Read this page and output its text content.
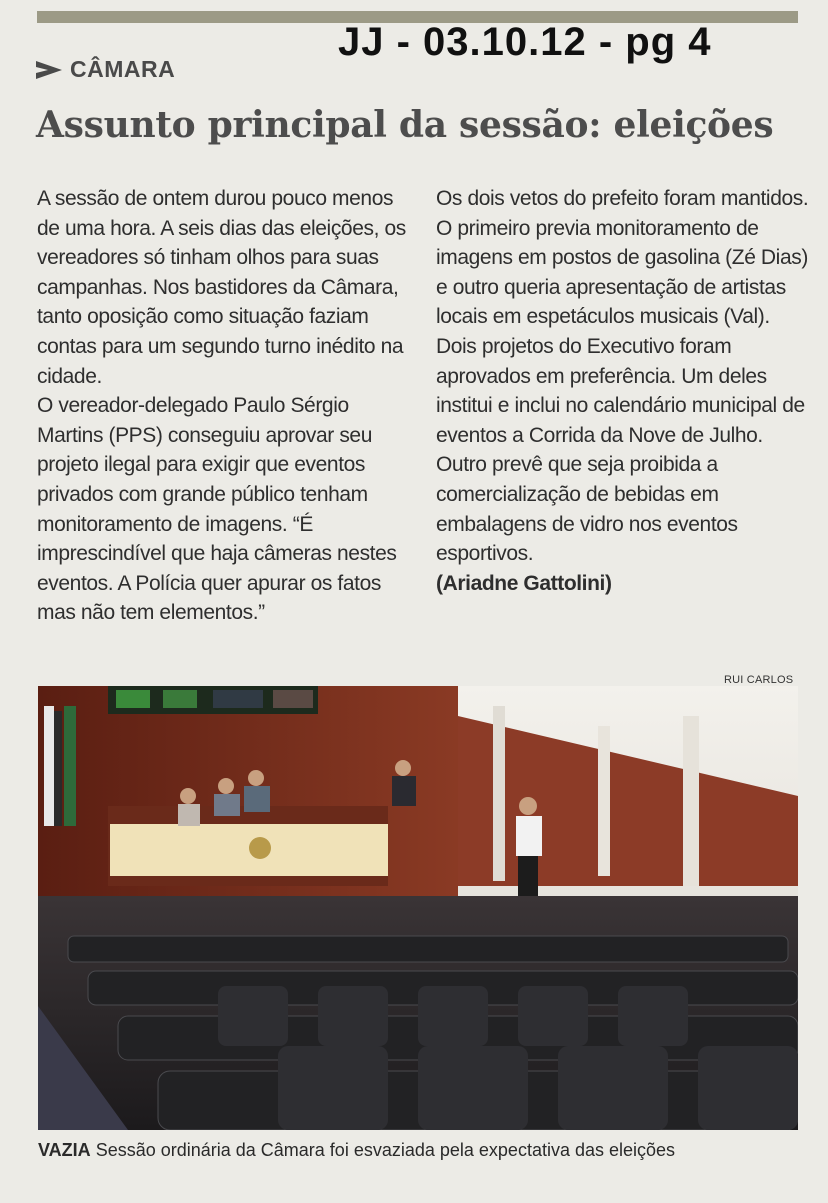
JJ - 03.10.12 - pg 4
CÂMARA
Assunto principal da sessão: eleições

A sessão de ontem durou pouco menos de uma hora. A seis dias das eleições, os vereadores só tinham olhos para suas campanhas. Nos bastidores da Câmara, tanto oposição como situação faziam contas para um segundo turno inédito na cidade.

O vereador-delegado Paulo Sérgio Martins (PPS) conseguiu aprovar seu projeto ilegal para exigir que eventos privados com grande público tenham monitoramento de imagens. “É imprescindível que haja câmeras nestes eventos. A Polícia quer apurar os fatos mas não tem elementos.”

Os dois vetos do prefeito foram mantidos. O primeiro previa monitoramento de imagens em postos de gasolina (Zé Dias) e outro queria apresentação de artistas locais em espetáculos musicais (Val).

Dois projetos do Executivo foram aprovados em preferência. Um deles institui e inclui no calendário municipal de eventos a Corrida da Nove de Julho. Outro prevê que seja proibida a comercialização de bebidas em embalagens de vidro nos eventos esportivos.

(Ariadne Gattolini)

RUI CARLOS
VAZIA Sessão ordinária da Câmara foi esvaziada pela expectativa das eleições
